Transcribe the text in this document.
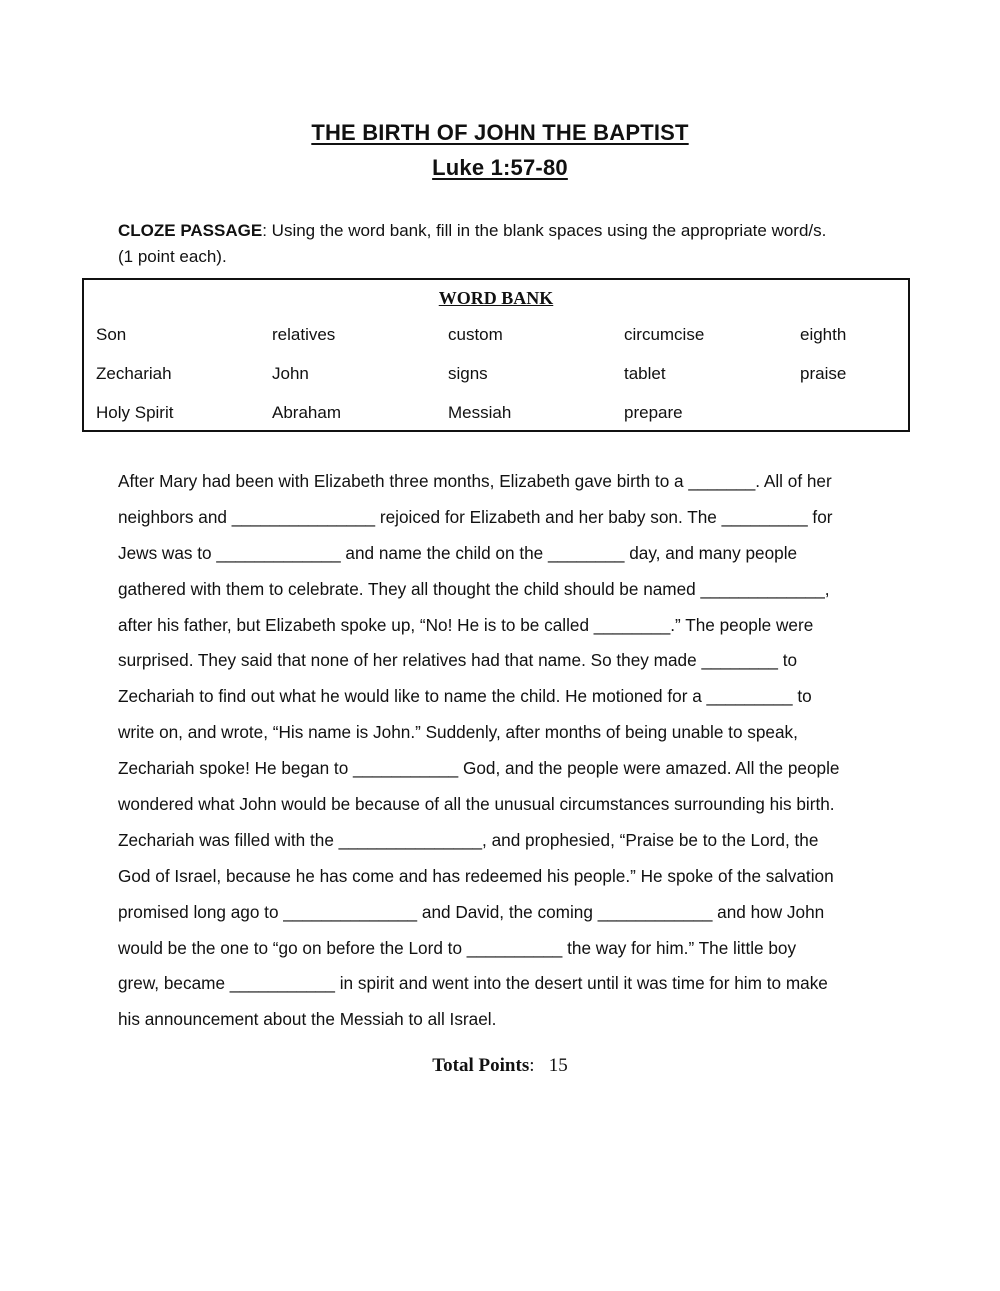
THE BIRTH OF JOHN THE BAPTIST
Luke 1:57-80
CLOZE PASSAGE: Using the word bank, fill in the blank spaces using the appropriate word/s.
(1 point each).
WORD BANK
Son	relatives	custom	circumcise	eighth
Zechariah	John	signs	tablet	praise
Holy Spirit	Abraham	Messiah	prepare
After Mary had been with Elizabeth three months, Elizabeth gave birth to a _______. All of her
neighbors and _______________ rejoiced for Elizabeth and her baby son. The _________ for
Jews was to _____________ and name the child on the ________ day, and many people
gathered with them to celebrate. They all thought the child should be named _____________,
after his father, but Elizabeth spoke up, “No! He is to be called ________.” The people were
surprised. They said that none of her relatives had that name. So they made ________ to
Zechariah to find out what he would like to name the child. He motioned for a _________ to
write on, and wrote, “His name is John.” Suddenly, after months of being unable to speak,
Zechariah spoke! He began to ___________ God, and the people were amazed. All the people
wondered what John would be because of all the unusual circumstances surrounding his birth.
Zechariah was filled with the _______________, and prophesied, “Praise be to the Lord, the
God of Israel, because he has come and has redeemed his people.” He spoke of the salvation
promised long ago to ______________ and David, the coming ____________ and how John
would be the one to “go on before the Lord to __________ the way for him.” The little boy
grew, became ___________ in spirit and went into the desert until it was time for him to make
his announcement about the Messiah to all Israel.
Total Points: 15
